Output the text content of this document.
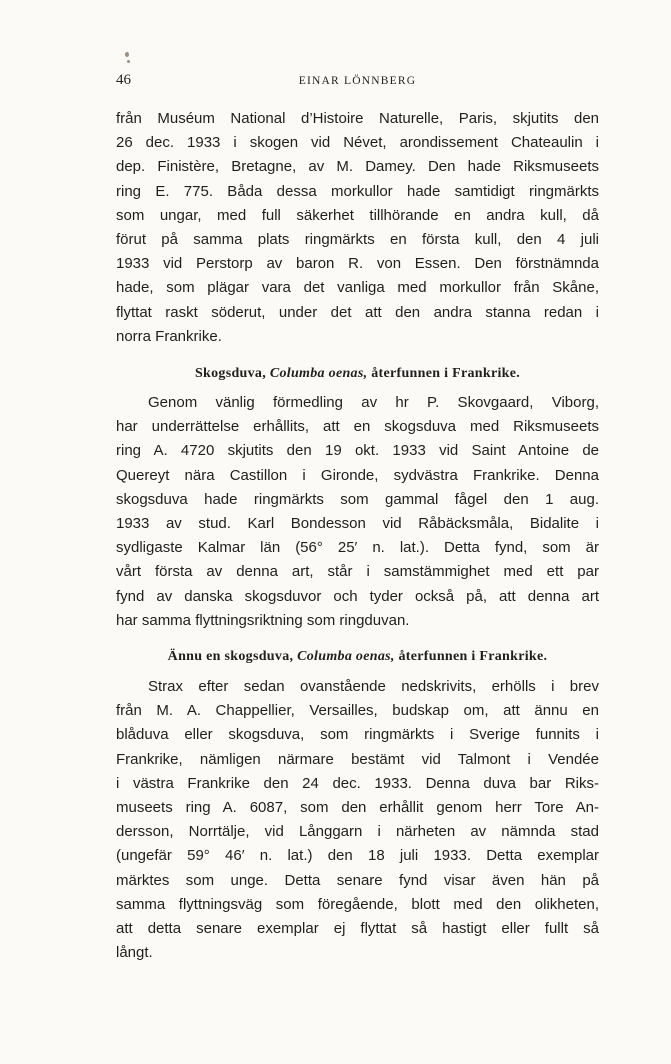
46	EINAR LÖNNBERG
från Muséum National d’Histoire Naturelle, Paris, skjutits den
26 dec. 1933 i skogen vid Névet, arondissement Chateaulin i
dep. Finistère, Bretagne, av M. Damey. Den hade Riksmuseets
ring E. 775. Båda dessa morkullor hade samtidigt ringmärkts
som ungar, med full säkerhet tillhörande en andra kull, då
förut på samma plats ringmärkts en första kull, den 4 juli
1933 vid Perstorp av baron R. von Essen. Den förstnämnda
hade, som plägar vara det vanliga med morkullor från Skåne,
flyttat raskt söderut, under det att den andra stanna redan i
norra Frankrike.
Skogsduva, Columba oenas, återfunnen i Frankrike.
Genom vänlig förmedling av hr P. Skovgaard, Viborg,
har underrättelse erhållits, att en skogsduva med Riksmuseets
ring A. 4720 skjutits den 19 okt. 1933 vid Saint Antoine de
Quereyt nära Castillon i Gironde, sydvästra Frankrike. Denna
skogsduva hade ringmärkts som gammal fågel den 1 aug.
1933 av stud. Karl Bondesson vid Råbäcksmåla, Bidalite i
sydligaste Kalmar län (56° 25′ n. lat.). Detta fynd, som är
vårt första av denna art, står i samstämmighet med ett par
fynd av danska skogsduvor och tyder också på, att denna art
har samma flyttningsriktning som ringduvan.
Ännu en skogsduva, Columba oenas, återfunnen i Frankrike.
Strax efter sedan ovanstående nedskrivits, erhölls i brev
från M. A. Chappellier, Versailles, budskap om, att ännu en
blåduva eller skogsduva, som ringmärkts i Sverige funnits i
Frankrike, nämligen närmare bestämt vid Talmont i Vendée
i västra Frankrike den 24 dec. 1933. Denna duva bar Riks-
museets ring A. 6087, som den erhållit genom herr Tore An-
dersson, Norrtälje, vid Långgarn i närheten av nämnda stad
(ungefär 59° 46′ n. lat.) den 18 juli 1933. Detta exemplar
märktes som unge. Detta senare fynd visar även hän på
samma flyttningsväg som föregående, blott med den olikheten,
att detta senare exemplar ej flyttat så hastigt eller fullt så
långt.
